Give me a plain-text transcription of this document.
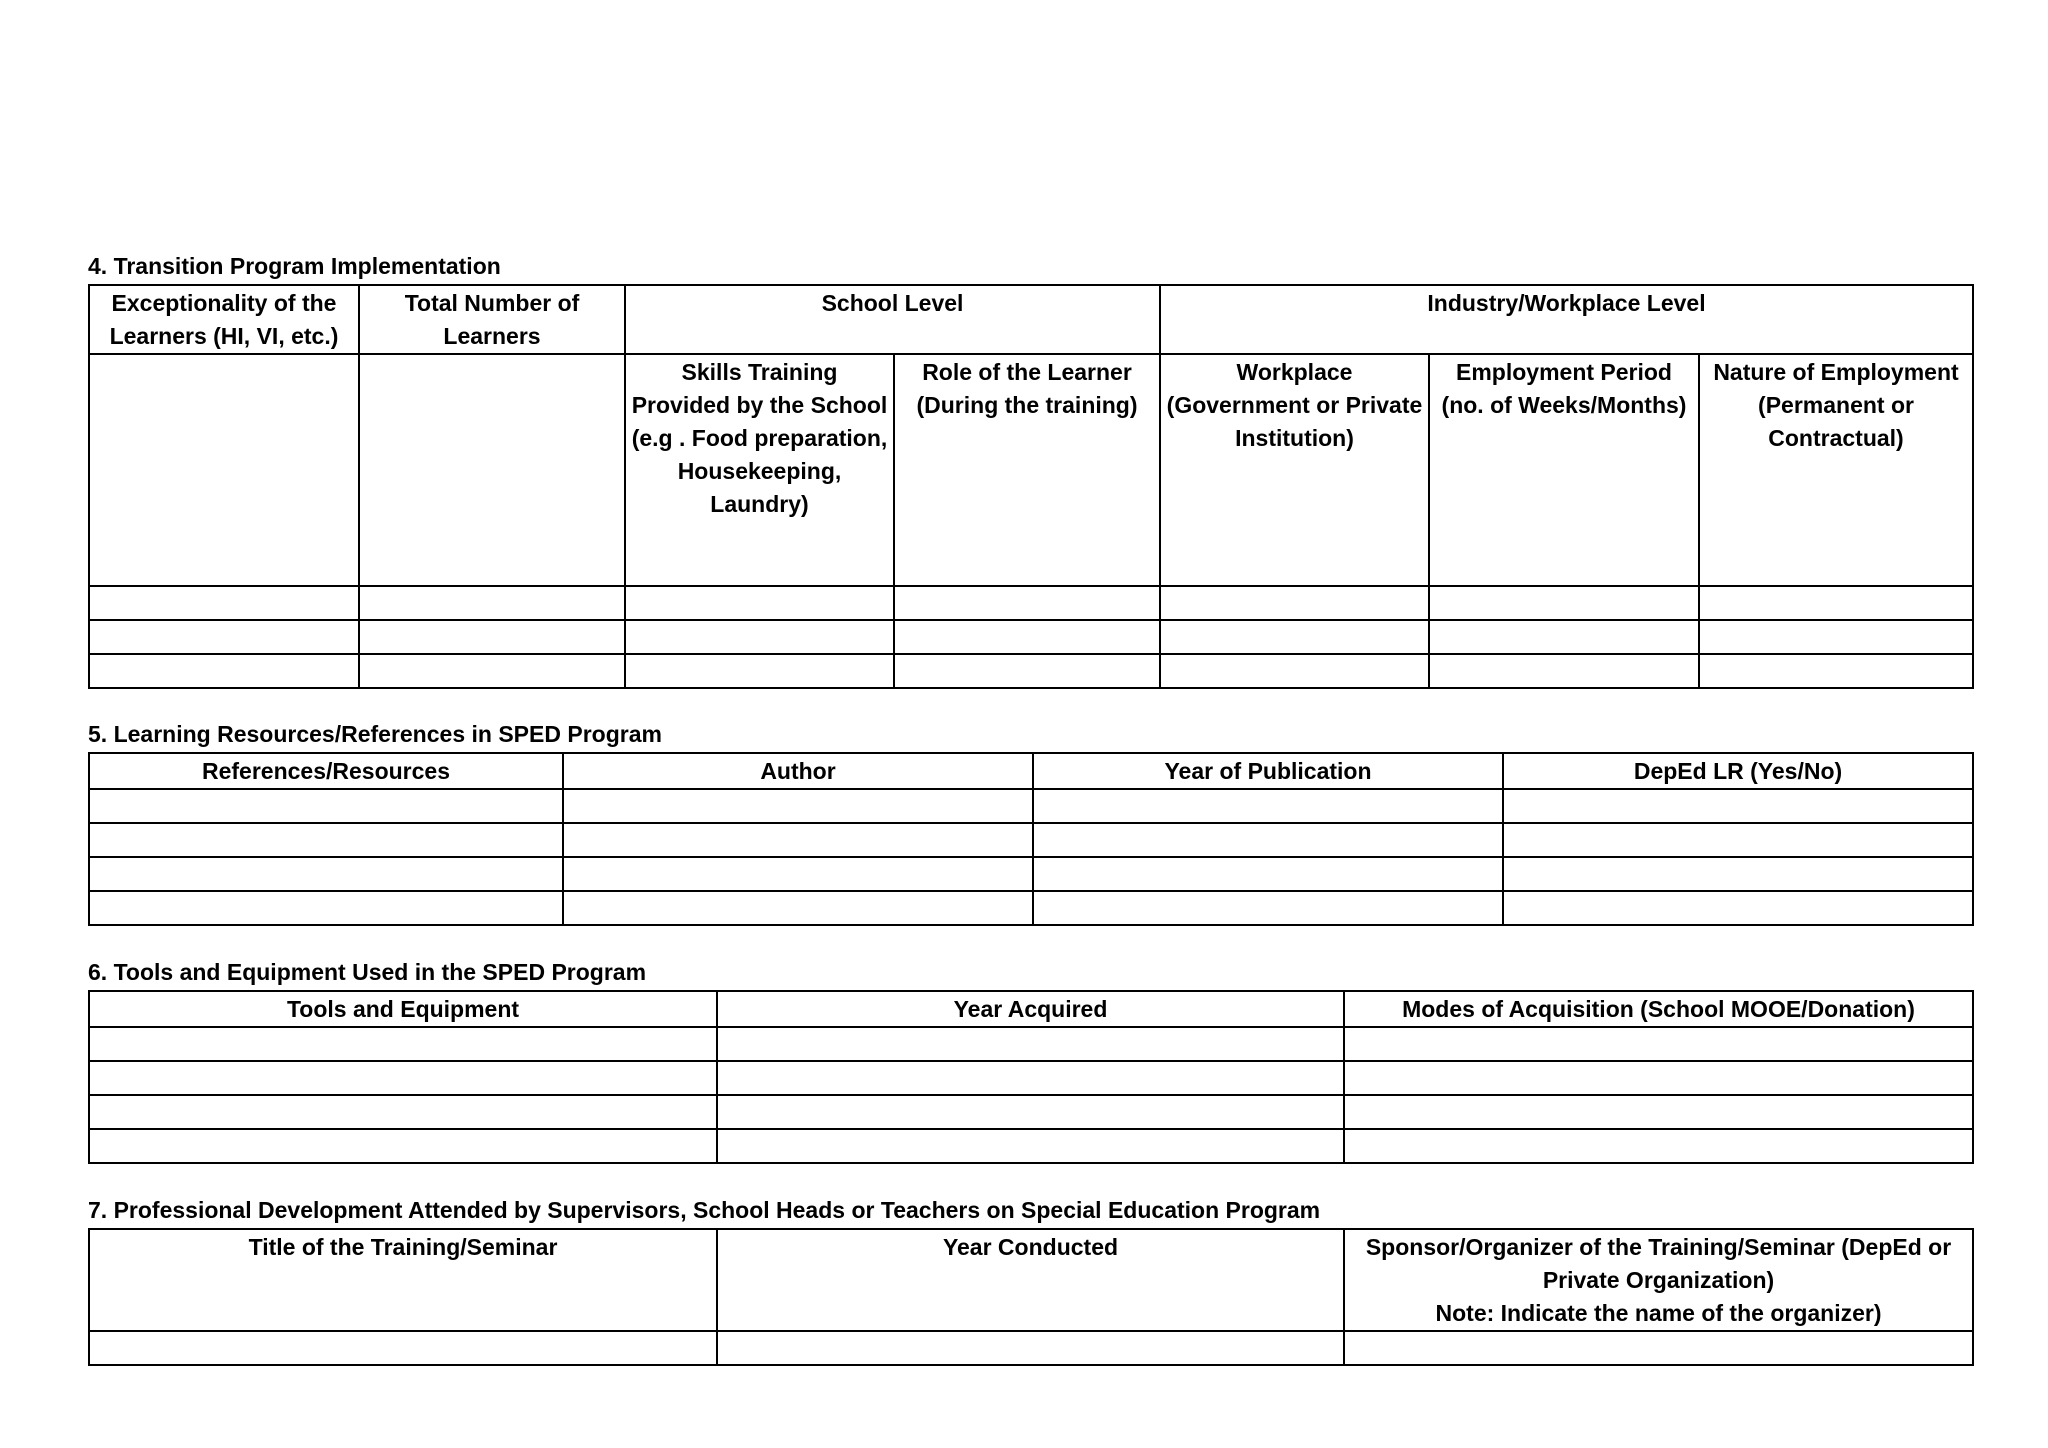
4. Transition Program Implementation
Exceptionality of the Learners (HI, VI, etc.)	Total Number of Learners	School Level		Industry/Workplace Level		

		Skills Training Provided by the School (e.g . Food preparation, Housekeeping, Laundry)	Role of the Learner (During the training)	Workplace (Government or Private Institution)	Employment Period (no. of Weeks/Months)	Nature of Employment (Permanent or Contractual)

5. Learning Resources/References in SPED Program
References/Resources	Author	Year of Publication	DepEd LR (Yes/No)

6. Tools and Equipment Used in the SPED Program
Tools and Equipment	Year Acquired	Modes of Acquisition (School MOOE/Donation)

7. Professional Development Attended by Supervisors, School Heads or Teachers on Special Education Program
Title of the Training/Seminar	Year Conducted	Sponsor/Organizer of the Training/Seminar (DepEd or Private Organization)
Note: Indicate the name of the organizer)
